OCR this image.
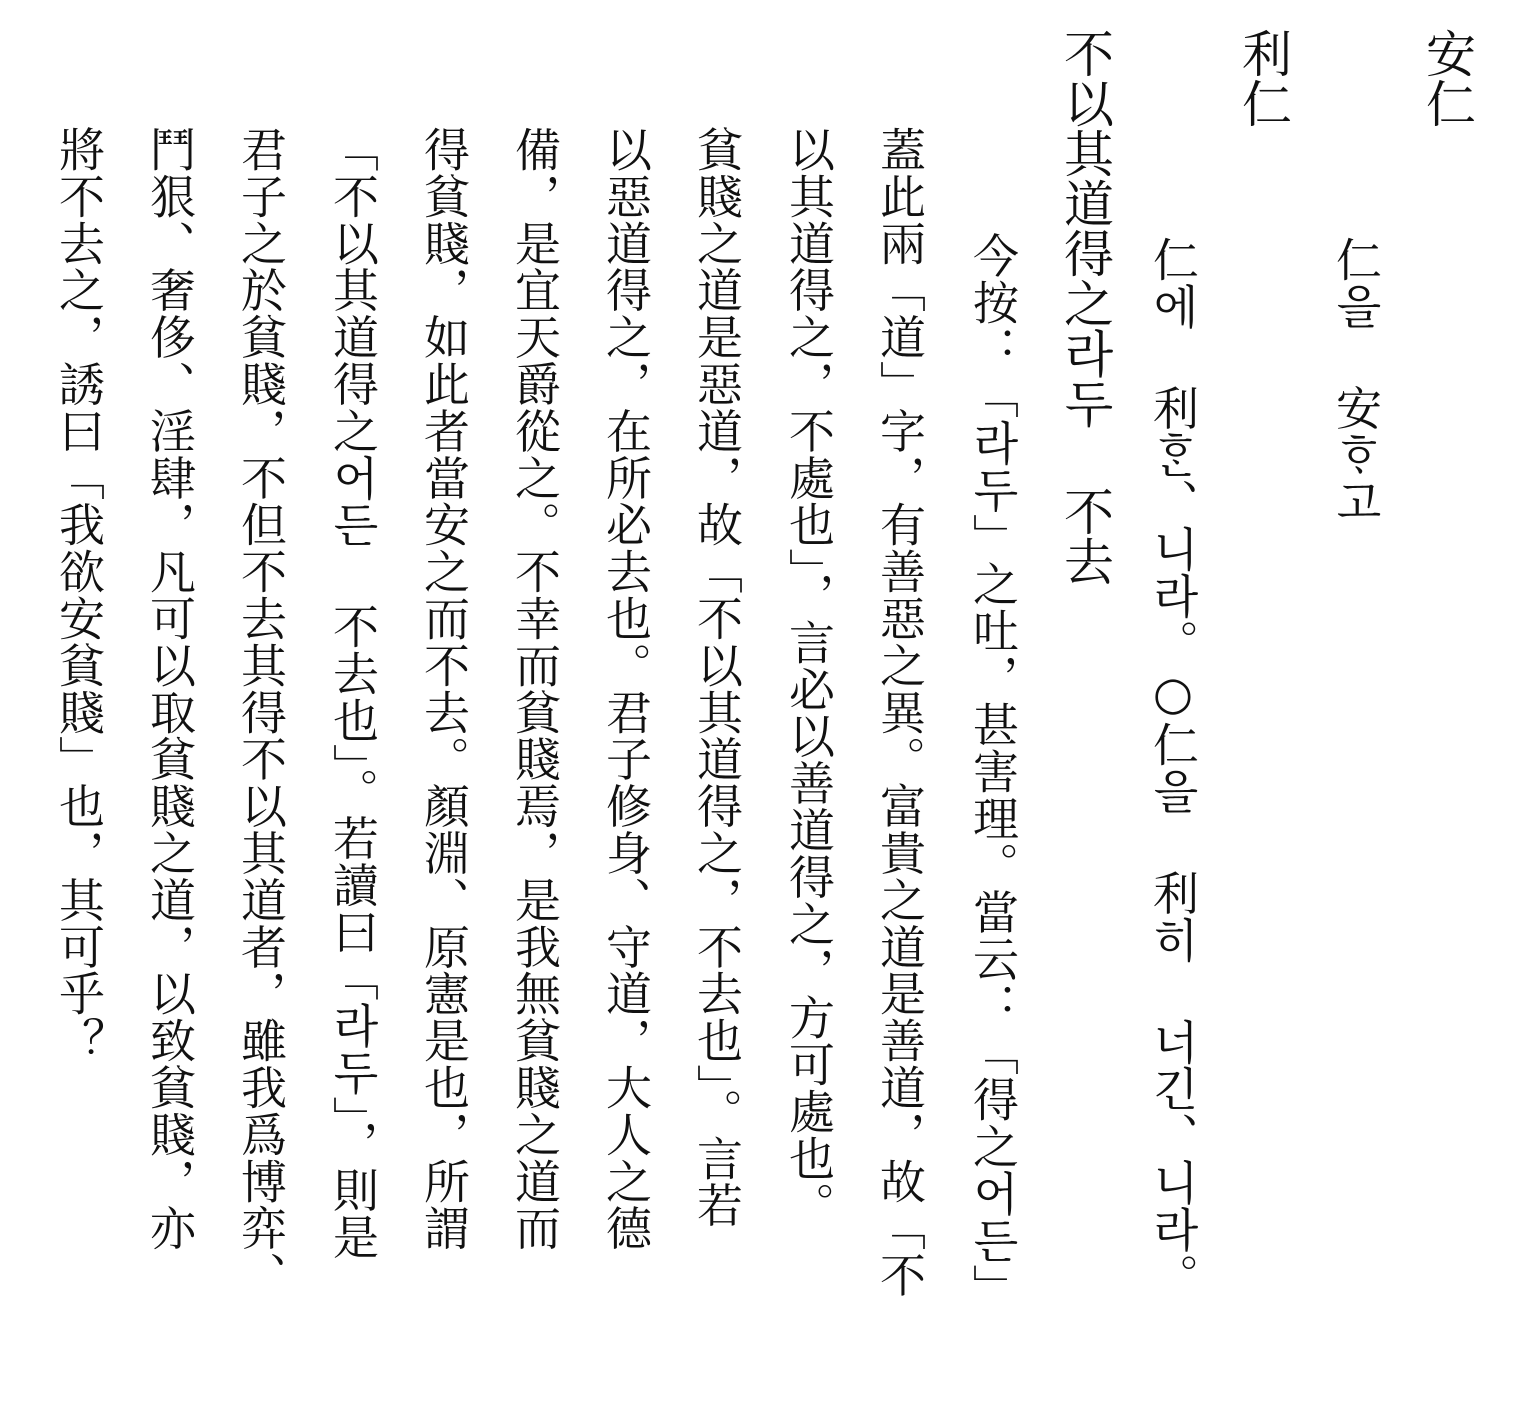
安仁
仁을 安ᄒᆞ고
利仁
仁에 利ᄒᆞᆫ、니라。○仁을 利히 너긴、니라。
不以其道得之라두 不去
今按：「라두」之吐，甚害理。當云：「得之어든」
蓋此兩「道」字，有善惡之異。富貴之道是善道，故「不
以其道得之，不處也」，言必以善道得之，方可處也。
貧賤之道是惡道，故「不以其道得之，不去也」。言若
以惡道得之，在所必去也。君子修身、守道，大人之德
備，是宜天爵從之。不幸而貧賤焉，是我無貧賤之道而
得貧賤，如此者當安之而不去。顏淵、原憲是也，所謂
「不以其道得之어든 不去也」。若讀曰「라두」，則是
君子之於貧賤，不但不去其得不以其道者，雖我爲博弈、
鬥狠、奢侈、淫肆，凡可以取貧賤之道，以致貧賤，亦
將不去之，誘曰「我欲安貧賤」也，其可乎？
